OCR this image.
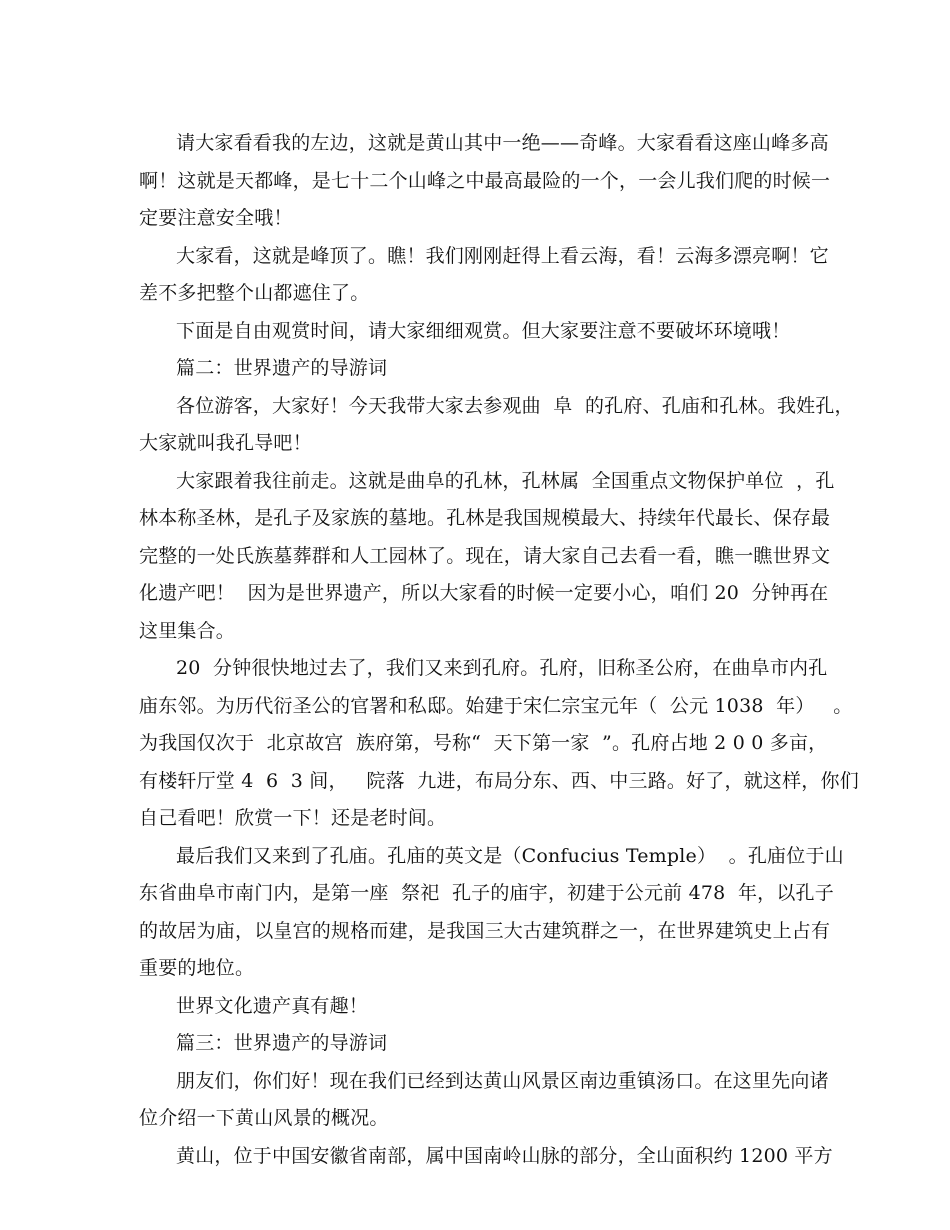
请大家看看我的左边，这就是黄山其中一绝——奇峰。大家看看这座山峰多高
啊！这就是天都峰，是七十二个山峰之中最高最险的一个，一会儿我们爬的时候一
定要注意安全哦！
大家看，这就是峰顶了。瞧！我们刚刚赶得上看云海，看！云海多漂亮啊！它
差不多把整个山都遮住了。
下面是自由观赏时间，请大家细细观赏。但大家要注意不要破坏环境哦！
篇二：世界遗产的导游词
各位游客，大家好！今天我带大家去参观曲  阜  的孔府、孔庙和孔林。我姓孔，
大家就叫我孔导吧！
大家跟着我往前走。这就是曲阜的孔林，孔林属  全国重点文物保护单位  ，孔
林本称圣林，是孔子及家族的墓地。孔林是我国规模最大、持续年代最长、保存最
完整的一处氏族墓葬群和人工园林了。现在，请大家自己去看一看，瞧一瞧世界文
化遗产吧！  因为是世界遗产，所以大家看的时候一定要小心，咱们 20  分钟再在
这里集合。
20  分钟很快地过去了，我们又来到孔府。孔府，旧称圣公府，在曲阜市内孔
庙东邻。为历代衍圣公的官署和私邸。始建于宋仁宗宝元年（  公元 1038  年）   。
为我国仅次于  北京故宫  族府第，号称“  天下第一家  ”。孔府占地 2 0 0 多亩，
有楼轩厅堂 4  6  3 间，   院落  九进，布局分东、西、中三路。好了，就这样，你们
自己看吧！欣赏一下！还是老时间。
最后我们又来到了孔庙。孔庙的英文是（Confucius Temple）  。孔庙位于山
东省曲阜市南门内，是第一座  祭祀  孔子的庙宇，初建于公元前 478  年，以孔子
的故居为庙，以皇宫的规格而建，是我国三大古建筑群之一，在世界建筑史上占有
重要的地位。
世界文化遗产真有趣！
篇三：世界遗产的导游词
朋友们，你们好！现在我们已经到达黄山风景区南边重镇汤口。在这里先向诸
位介绍一下黄山风景的概况。
黄山，位于中国安徽省南部，属中国南岭山脉的部分，全山面积约 1200 平方
